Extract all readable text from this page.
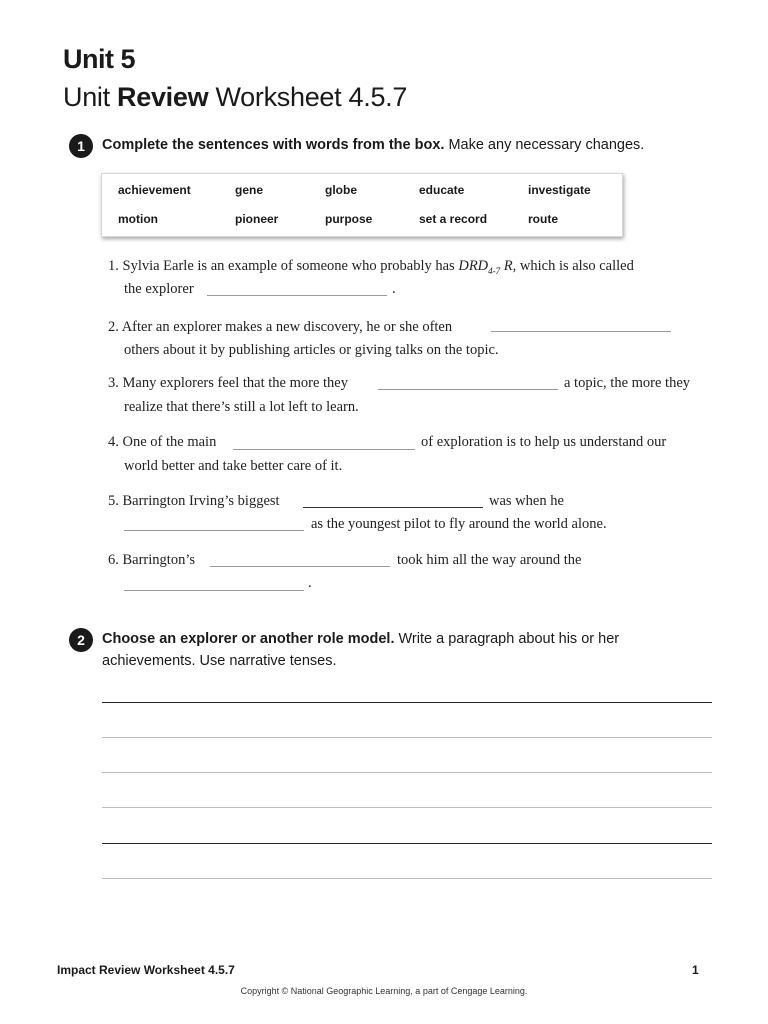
Unit 5
Unit Review Worksheet 4.5.7
1	Complete the sentences with words from the box. Make any necessary changes.
achievement	gene	globe	educate	investigate
motion	pioneer	purpose	set a record	route
1. Sylvia Earle is an example of someone who probably has $DRD_{4-7}$ R, which is also called
the explorer	.
2. After an explorer makes a new discovery, he or she often
others about it by publishing articles or giving talks on the topic.
3. Many explorers feel that the more they	a topic, the more they
realize that there’s still a lot left to learn.
4. One of the main	of exploration is to help us understand our
world better and take better care of it.
5. Barrington Irving’s biggest	was when he
as the youngest pilot to fly around the world alone.
6. Barrington’s	took him all the way around the
.
2	Choose an explorer or another role model. Write a paragraph about his or her
achievements. Use narrative tenses.
Impact Review Worksheet 4.5.7	1
Copyright © National Geographic Learning, a part of Cengage Learning.
